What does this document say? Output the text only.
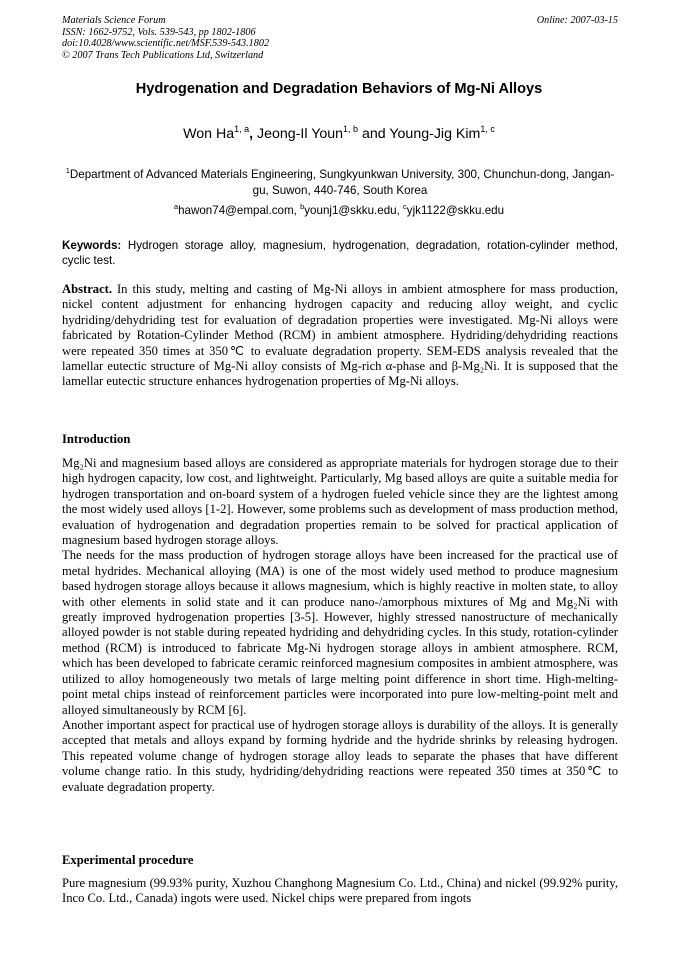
Materials Science Forum
ISSN: 1662-9752, Vols. 539-543, pp 1802-1806
doi:10.4028/www.scientific.net/MSF.539-543.1802
© 2007 Trans Tech Publications Ltd, Switzerland
Online: 2007-03-15
Hydrogenation and Degradation Behaviors of Mg-Ni Alloys
Won Ha$^{1, a}$, Jeong-Il Youn$^{1, b}$ and Young-Jig Kim$^{1, c}$
$^1$Department of Advanced Materials Engineering, Sungkyunkwan University, 300, Chunchun-dong, Jangan-gu, Suwon, 440-746, South Korea
$^a$hawon74@empal.com, $^b$younj1@skku.edu, $^c$yjk1122@skku.edu
Keywords: Hydrogen storage alloy, magnesium, hydrogenation, degradation, rotation-cylinder method, cyclic test.
Abstract. In this study, melting and casting of Mg-Ni alloys in ambient atmosphere for mass production, nickel content adjustment for enhancing hydrogen capacity and reducing alloy weight, and cyclic hydriding/dehydriding test for evaluation of degradation properties were investigated. Mg-Ni alloys were fabricated by Rotation-Cylinder Method (RCM) in ambient atmosphere. Hydriding/dehydriding reactions were repeated 350 times at 350℃ to evaluate degradation property. SEM-EDS analysis revealed that the lamellar eutectic structure of Mg-Ni alloy consists of Mg-rich α-phase and β-Mg₂Ni. It is supposed that the lamellar eutectic structure enhances hydrogenation properties of Mg-Ni alloys.
Introduction

Mg₂Ni and magnesium based alloys are considered as appropriate materials for hydrogen storage due to their high hydrogen capacity, low cost, and lightweight. Particularly, Mg based alloys are quite a suitable media for hydrogen transportation and on-board system of a hydrogen fueled vehicle since they are the lightest among the most widely used alloys [1-2]. However, some problems such as development of mass production method, evaluation of hydrogenation and degradation properties remain to be solved for practical application of magnesium based hydrogen storage alloys.

The needs for the mass production of hydrogen storage alloys have been increased for the practical use of metal hydrides. Mechanical alloying (MA) is one of the most widely used method to produce magnesium based hydrogen storage alloys because it allows magnesium, which is highly reactive in molten state, to alloy with other elements in solid state and it can produce nano-/amorphous mixtures of Mg and Mg₂Ni with greatly improved hydrogenation properties [3-5]. However, highly stressed nanostructure of mechanically alloyed powder is not stable during repeated hydriding and dehydriding cycles. In this study, rotation-cylinder method (RCM) is introduced to fabricate Mg-Ni hydrogen storage alloys in ambient atmosphere. RCM, which has been developed to fabricate ceramic reinforced magnesium composites in ambient atmosphere, was utilized to alloy homogeneously two metals of large melting point difference in short time. High-melting-point metal chips instead of reinforcement particles were incorporated into pure low-melting-point melt and alloyed simultaneously by RCM [6].

Another important aspect for practical use of hydrogen storage alloys is durability of the alloys. It is generally accepted that metals and alloys expand by forming hydride and the hydride shrinks by releasing hydrogen. This repeated volume change of hydrogen storage alloy leads to separate the phases that have different volume change ratio. In this study, hydriding/dehydriding reactions were repeated 350 times at 350℃ to evaluate degradation property.

Experimental procedure
Pure magnesium (99.93% purity, Xuzhou Changhong Magnesium Co. Ltd., China) and nickel (99.92% purity, Inco Co. Ltd., Canada) ingots were used. Nickel chips were prepared from ingots
